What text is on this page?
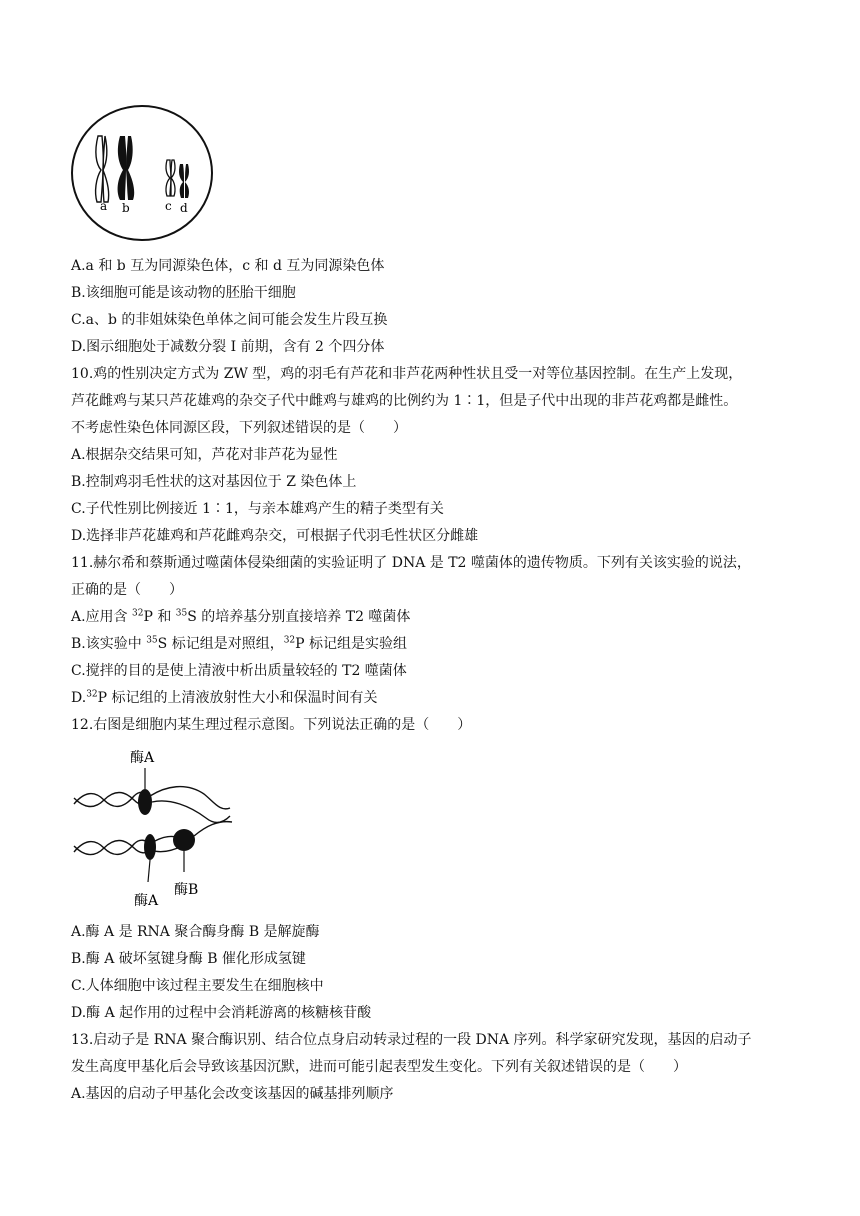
a b	c d
A.a 和 b 互为同源染色体，c 和 d 互为同源染色体
B.该细胞可能是该动物的胚胎干细胞
C.a、b 的非姐妹染色单体之间可能会发生片段互换
D.图示细胞处于减数分裂 I 前期，含有 2 个四分体
10.鸡的性别决定方式为 ZW 型，鸡的羽毛有芦花和非芦花两种性状且受一对等位基因控制。在生产上发现，
芦花雌鸡与某只芦花雄鸡的杂交子代中雌鸡与雄鸡的比例约为 1∶1，但是子代中出现的非芦花鸡都是雌性。
不考虑性染色体同源区段，下列叙述错误的是（　　）
A.根据杂交结果可知，芦花对非芦花为显性
B.控制鸡羽毛性状的这对基因位于 Z 染色体上
C.子代性别比例接近 1∶1，与亲本雄鸡产生的精子类型有关
D.选择非芦花雄鸡和芦花雌鸡杂交，可根据子代羽毛性状区分雌雄
11.赫尔希和蔡斯通过噬菌体侵染细菌的实验证明了 DNA 是 T2 噬菌体的遗传物质。下列有关该实验的说法，
正确的是（　　）
A.应用含 $^{32}$P 和 $^{35}$S 的培养基分别直接培养 T2 噬菌体
B.该实验中 $^{35}$S 标记组是对照组，$^{32}$P 标记组是实验组
C.搅拌的目的是使上清液中析出质量较轻的 T2 噬菌体
D.$^{32}$P 标记组的上清液放射性大小和保温时间有关
12.右图是细胞内某生理过程示意图。下列说法正确的是（　　）
酶A
酶A
酶B
A.酶 A 是 RNA 聚合酶身酶 B 是解旋酶
B.酶 A 破坏氢键身酶 B 催化形成氢键
C.人体细胞中该过程主要发生在细胞核中
D.酶 A 起作用的过程中会消耗游离的核糖核苷酸
13.启动子是 RNA 聚合酶识别、结合位点身启动转录过程的一段 DNA 序列。科学家研究发现，基因的启动子
发生高度甲基化后会导致该基因沉默，进而可能引起表型发生变化。下列有关叙述错误的是（　　）
A.基因的启动子甲基化会改变该基因的碱基排列顺序
